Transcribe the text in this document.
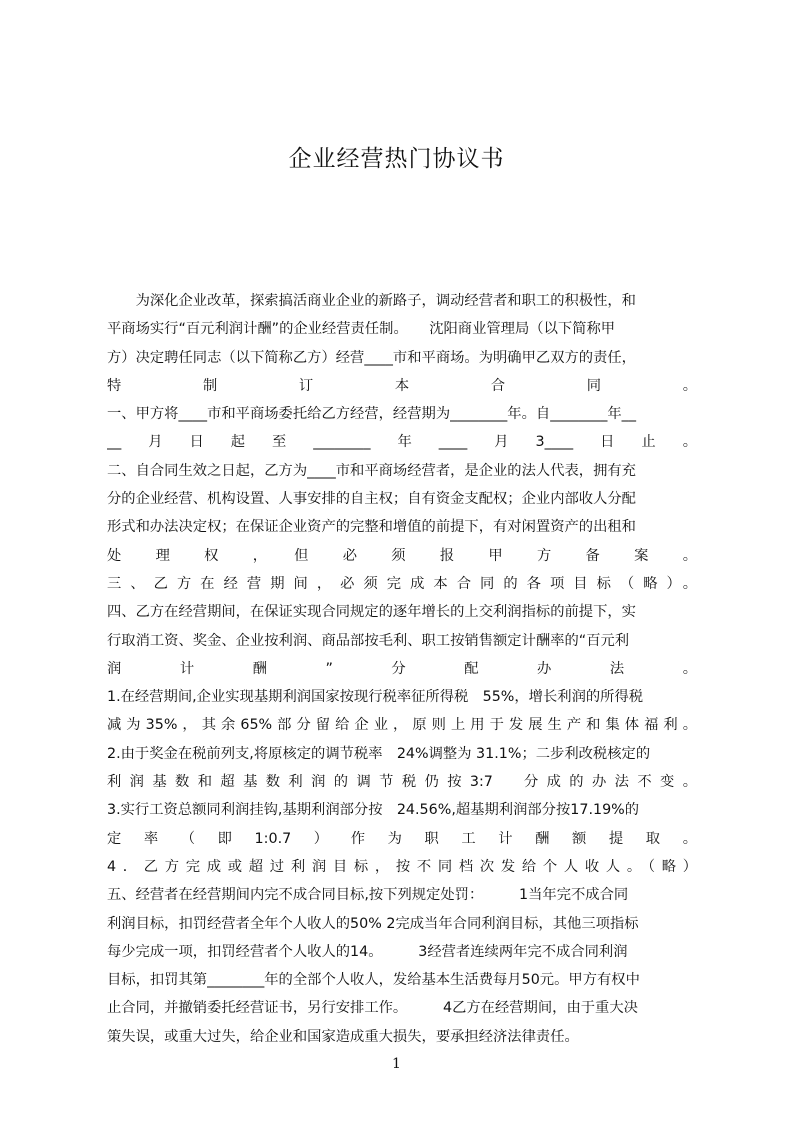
企业经营热门协议书
　　为深化企业改革，探索搞活商业企业的新路子，调动经营者和职工的积极性，和
平商场实行“百元利润计酬”的企业经营责任制。　　沈阳商业管理局（以下简称甲
方）决定聘任同志（以下简称乙方）经营____市和平商场。为明确甲乙双方的责任，
特　　　　制　　　　订　　　　本　　　　合　　　　同　　　　。
一、甲方将____市和平商场委托给乙方经营，经营期为________年。自________年__
__月日起至________年____月3____日止。
二、自合同生效之日起，乙方为____市和平商场经营者，是企业的法人代表，拥有充
分的企业经营、机构设置、人事安排的自主权；自有资金支配权；企业内部收人分配
形式和办法决定权；在保证企业资产的完整和增值的前提下，有对闲置资产的出租和
处　　理　　权　　，　　但　　必　　须　　报　　甲　　方　　备　　案　　。
三、乙方在经营期间，必须完成本合同的各项目标（略）。
四、乙方在经营期间，在保证实现合同规定的逐年增长的上交利润指标的前提下，实
行取消工资、奖金、企业按利润、商品部按毛利、职工按销售额定计酬率的“百元利
润　　　计　　　酬　　　”　　　分　　　配　　　办　　　法　　　。
1.在经营期间,企业实现基期利润国家按现行税率征所得税　55%，增长利润的所得税
减为35%，其余65%部分留给企业，原则上用于发展生产和集体福利。
2.由于奖金在税前列支,将原核定的调节税率　24%调整为 31.1%；二步利改税核定的
利润基数和超基数利润的调节税仍按3:7　分成的办法不变。
3.实行工资总额同利润挂钩,基期利润部分按　24.56%,超基期利润部分按17.19%的
定率（即1:0.7）作为职工计酬额提取。
4．乙方完成或超过利润目标，按不同档次发给个人收人。（略）
五、经营者在经营期间内完不成合同目标,按下列规定处罚：　　　1当年完不成合同
利润目标，扣罚经营者全年个人收人的50% 2完成当年合同利润目标，其他三项指标
每少完成一项，扣罚经营者个人收人的14。　　　3经营者连续两年完不成合同利润
目标，扣罚其第________年的全部个人收人，发给基本生活费每月50元。甲方有权中
止合同，并撤销委托经营证书，另行安排工作。　　　4乙方在经营期间，由于重大决
策失误，或重大过失，给企业和国家造成重大损失，要承担经济法律责任。
1
